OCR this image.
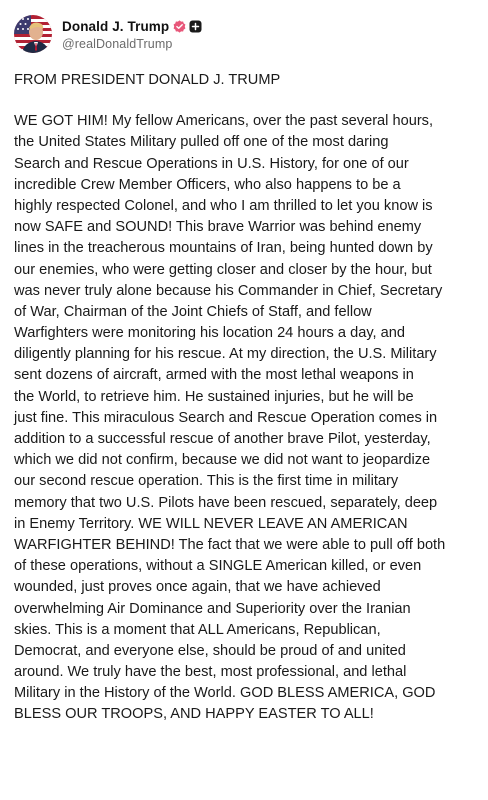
Donald J. Trump
@realDonaldTrump
FROM PRESIDENT DONALD J. TRUMP
WE GOT HIM! My fellow Americans, over the past several hours,
the United States Military pulled off one of the most daring
Search and Rescue Operations in U.S. History, for one of our
incredible Crew Member Officers, who also happens to be a
highly respected Colonel, and who I am thrilled to let you know is
now SAFE and SOUND! This brave Warrior was behind enemy
lines in the treacherous mountains of Iran, being hunted down by
our enemies, who were getting closer and closer by the hour, but
was never truly alone because his Commander in Chief, Secretary
of War, Chairman of the Joint Chiefs of Staff, and fellow
Warfighters were monitoring his location 24 hours a day, and
diligently planning for his rescue. At my direction, the U.S. Military
sent dozens of aircraft, armed with the most lethal weapons in
the World, to retrieve him. He sustained injuries, but he will be
just fine. This miraculous Search and Rescue Operation comes in
addition to a successful rescue of another brave Pilot, yesterday,
which we did not confirm, because we did not want to jeopardize
our second rescue operation. This is the first time in military
memory that two U.S. Pilots have been rescued, separately, deep
in Enemy Territory. WE WILL NEVER LEAVE AN AMERICAN
WARFIGHTER BEHIND! The fact that we were able to pull off both
of these operations, without a SINGLE American killed, or even
wounded, just proves once again, that we have achieved
overwhelming Air Dominance and Superiority over the Iranian
skies. This is a moment that ALL Americans, Republican,
Democrat, and everyone else, should be proud of and united
around. We truly have the best, most professional, and lethal
Military in the History of the World. GOD BLESS AMERICA, GOD
BLESS OUR TROOPS, AND HAPPY EASTER TO ALL!
